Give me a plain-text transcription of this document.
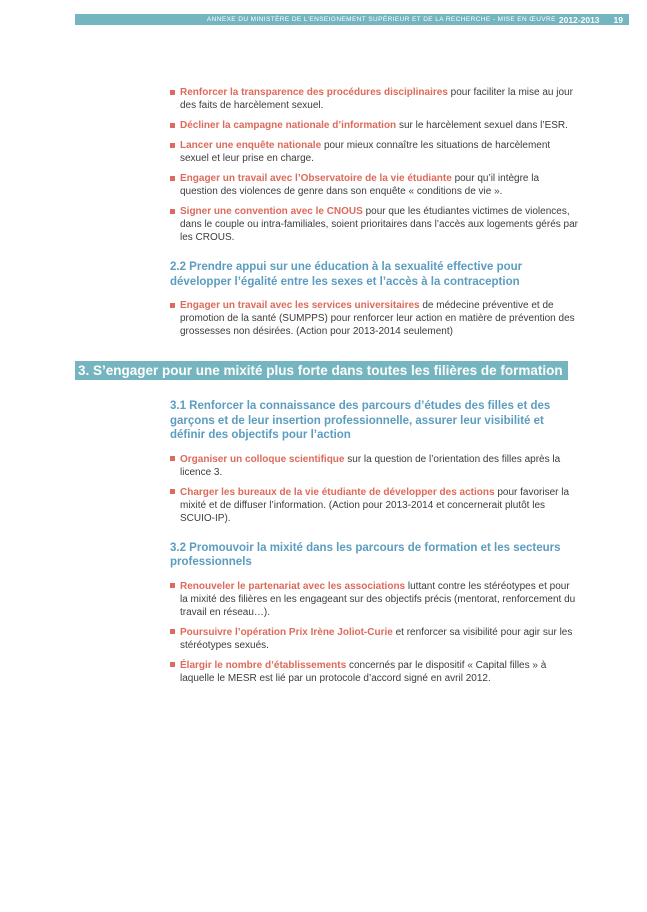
ANNEXE DU MINISTÈRE DE L’ENSEIGNEMENT SUPÉRIEUR ET DE LA RECHERCHE - MISE EN ŒUVRE 2012-2013 19
Renforcer la transparence des procédures disciplinaires pour faciliter la mise au jour des faits de harcèlement sexuel.
Décliner la campagne nationale d’information sur le harcèlement sexuel dans l’ESR.
Lancer une enquête nationale pour mieux connaître les situations de harcèlement sexuel et leur prise en charge.
Engager un travail avec l’Observatoire de la vie étudiante pour qu’il intègre la question des violences de genre dans son enquête « conditions de vie ».
Signer une convention avec le CNOUS pour que les étudiantes victimes de violences, dans le couple ou intra-familiales, soient prioritaires dans l’accès aux logements gérés par les CROUS.
2.2 Prendre appui sur une éducation à la sexualité effective pour développer l’égalité entre les sexes et l’accès à la contraception
Engager un travail avec les services universitaires de médecine préventive et de promotion de la santé (SUMPPS) pour renforcer leur action en matière de prévention des grossesses non désirées. (Action pour 2013-2014 seulement)
3. S’engager pour une mixité plus forte dans toutes les filières de formation
3.1 Renforcer la connaissance des parcours d’études des filles et des garçons et de leur insertion professionnelle, assurer leur visibilité et définir des objectifs pour l’action
Organiser un colloque scientifique sur la question de l’orientation des filles après la licence 3.
Charger les bureaux de la vie étudiante de développer des actions pour favoriser la mixité et de diffuser l’information. (Action pour 2013-2014 et concernerait plutôt les SCUIO-IP).
3.2 Promouvoir la mixité dans les parcours de formation et les secteurs professionnels
Renouveler le partenariat avec les associations luttant contre les stéréotypes et pour la mixité des filières en les engageant sur des objectifs précis (mentorat, renforcement du travail en réseau…).
Poursuivre l’opération Prix Irène Joliot-Curie et renforcer sa visibilité pour agir sur les stéréotypes sexués.
Élargir le nombre d’établissements concernés par le dispositif « Capital filles » à laquelle le MESR est lié par un protocole d’accord signé en avril 2012.
